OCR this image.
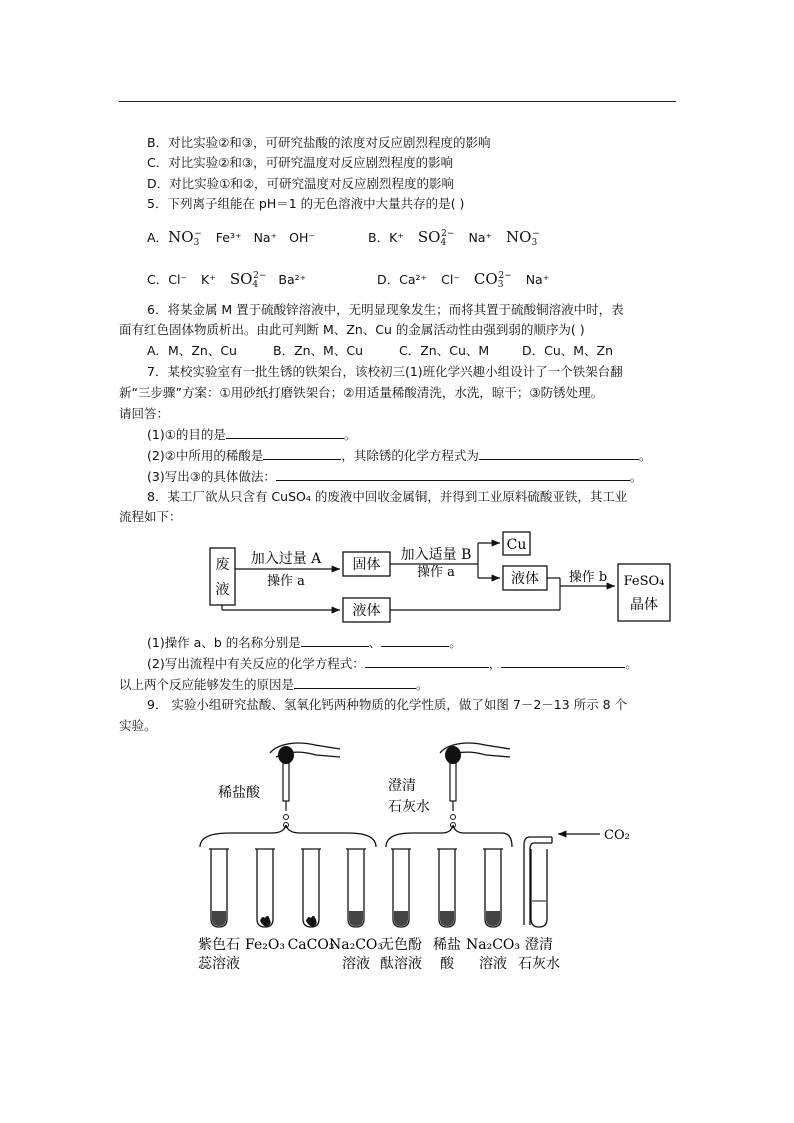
B．对比实验②和③，可研究盐酸的浓度对反应剧烈程度的影响
C．对比实验②和③，可研究温度对反应剧烈程度的影响
D．对比实验①和②，可研究温度对反应剧烈程度的影响
5．下列离子组能在 pH＝1 的无色溶液中大量共存的是( )
A．$NO_3^-$ Fe³⁺ Na⁺ OH⁻	B．K⁺ $SO_4^{2-}$ Na⁺ $NO_3^-$
C．Cl⁻ K⁺ $SO_4^{2-}$ Ba²⁺	D．Ca²⁺ Cl⁻ $CO_3^{2-}$ Na⁺
6．将某金属 M 置于硫酸锌溶液中，无明显现象发生；而将其置于硫酸铜溶液中时，表
面有红色固体物质析出。由此可判断 M、Zn、Cu 的金属活动性由强到弱的顺序为( )
A．M、Zn、Cu	B．Zn、M、Cu	C．Zn、Cu、M	D．Cu、M、Zn
7．某校实验室有一批生锈的铁架台，该校初三(1)班化学兴趣小组设计了一个铁架台翻
新“三步骤”方案：①用砂纸打磨铁架台；②用适量稀酸清洗，水洗，晾干；③防锈处理。
请回答：
(1)①的目的是	。
(2)②中所用的稀酸是	，其除锈的化学方程式为	。
(3)写出③的具体做法：	。
8．某工厂欲从只含有 CuSO₄ 的废液中回收金属铜，并得到工业原料硫酸亚铁，其工业
流程如下：
废
液
加入过量 A
操作 a
固体
加入适量 B
操作 a
Cu
液体
液体
操作 b FeSO₄
晶体
(1)操作 a、b 的名称分别是	、	。
(2)写出流程中有关反应的化学方程式：	，	。
以上两个反应能够发生的原因是	。
9． 实验小组研究盐酸、氢氧化钙两种物质的化学性质，做了如图 7－2－13 所示 8 个
实验。
稀盐酸	澄清
石灰水
CO₂
紫色石
蕊溶液
Fe₂O₃ CaCO₃
Na₂CO₃
溶液
无色酚
酞溶液
稀盐
酸
Na₂CO₃
溶液
澄清
石灰水
